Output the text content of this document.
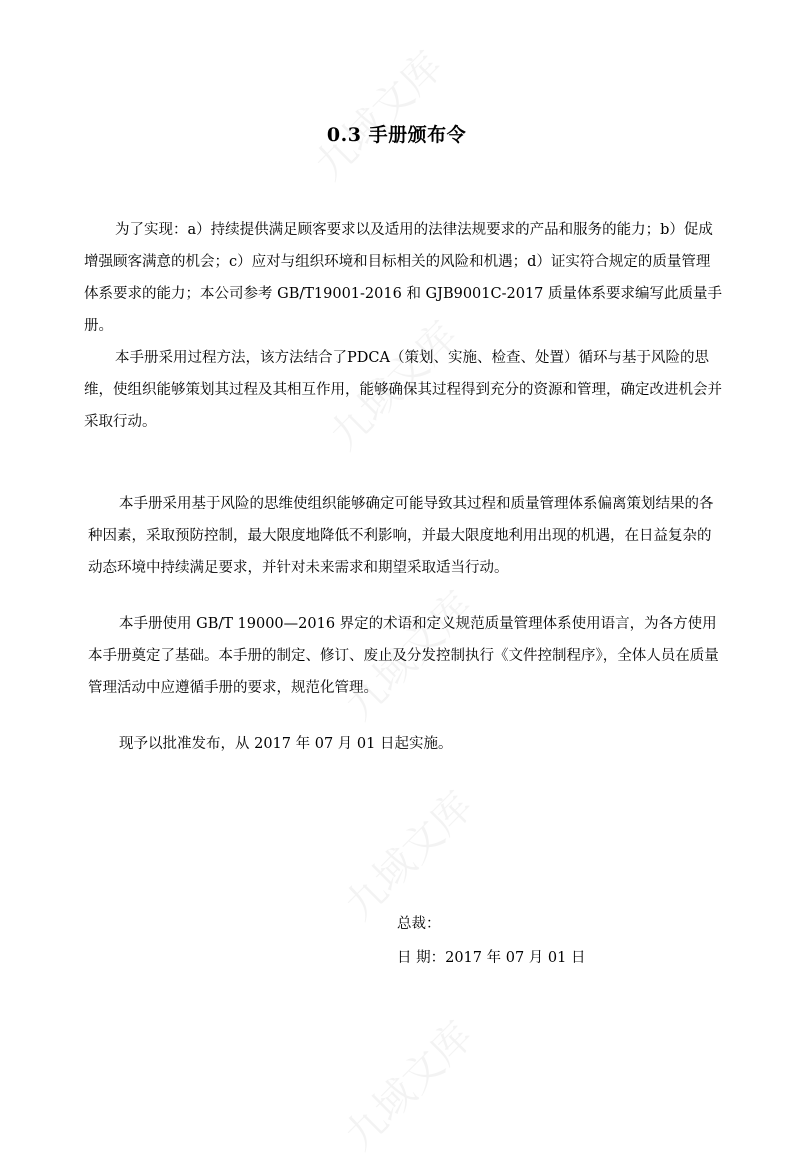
0.3 手册颁布令

为了实现：a）持续提供满足顾客要求以及适用的法律法规要求的产品和服务的能力；b）促成增强顾客满意的机会；c）应对与组织环境和目标相关的风险和机遇；d）证实符合规定的质量管理体系要求的能力；本公司参考 GB/T19001-2016 和 GJB9001C-2017 质量体系要求编写此质量手册。

本手册采用过程方法，该方法结合了PDCA（策划、实施、检查、处置）循环与基于风险的思维，使组织能够策划其过程及其相互作用，能够确保其过程得到充分的资源和管理，确定改进机会并采取行动。

本手册采用基于风险的思维使组织能够确定可能导致其过程和质量管理体系偏离策划结果的各种因素，采取预防控制，最大限度地降低不利影响，并最大限度地利用出现的机遇，在日益复杂的动态环境中持续满足要求，并针对未来需求和期望采取适当行动。

本手册使用 GB/T 19000—2016 界定的术语和定义规范质量管理体系使用语言，为各方使用本手册奠定了基础。本手册的制定、修订、废止及分发控制执行《文件控制程序》，全体人员在质量管理活动中应遵循手册的要求，规范化管理。

现予以批准发布，从 2017 年 07 月 01 日起实施。

总裁：
日 期：2017 年 07 月 01 日
